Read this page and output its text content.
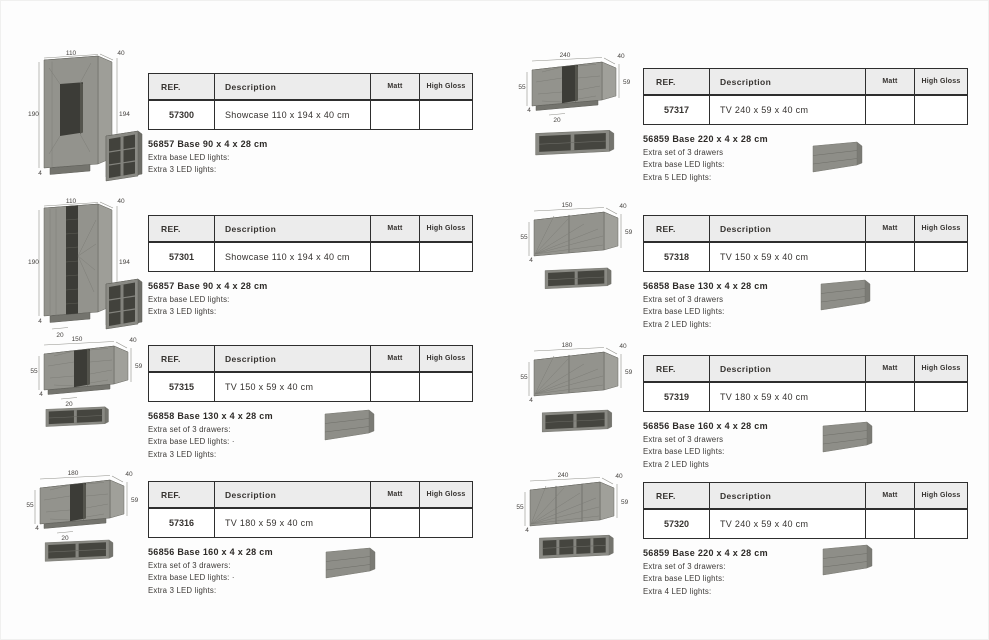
110	40
190	194
4
110	40
190	194
4
20
150	40
55
59
4
20
180	40
55
59
4
20
240	40
55
59
4
20
150	40
55
59
4
180	40
55
59
4
240	40
55
59
4
REF.	Description	Matt	High Gloss
57300	Showcase 110 x 194 x 40 cm
56857 Base 90 x 4 x 28 cm
Extra base LED lights:
Extra 3 LED lights:
REF.	Description	Matt	High Gloss
57301	Showcase 110 x 194 x 40 cm
56857 Base 90 x 4 x 28 cm
Extra base LED lights:
Extra 3 LED lights:
REF.	Description	Matt	High Gloss
57315	TV 150 x 59 x 40 cm
56858 Base 130 x 4 x 28 cm
Extra set of 3 drawers:
Extra base LED lights: ·
Extra 3 LED lights:
REF.	Description	Matt	High Gloss
57316	TV 180 x 59 x 40 cm
56856 Base 160 x 4 x 28 cm
Extra set of 3 drawers:
Extra base LED lights: ·
Extra 3 LED lights:
REF.	Description	Matt	High Gloss
57317	TV 240 x 59 x 40 cm
56859 Base 220 x 4 x 28 cm
Extra set of 3 drawers
Extra base LED lights:
Extra 5 LED lights:
REF.	Description	Matt	High Gloss
57318	TV 150 x 59 x 40 cm
56858 Base 130 x 4 x 28 cm
Extra set of 3 drawers
Extra base LED lights:
Extra 2 LED lights:
REF.	Description	Matt	High Gloss
57319	TV 180 x 59 x 40 cm
56856 Base 160 x 4 x 28 cm
Extra set of 3 drawers
Extra base LED lights:
Extra 2 LED lights
REF.	Description	Matt	High Gloss
57320	TV 240 x 59 x 40 cm
56859 Base 220 x 4 x 28 cm
Extra set of 3 drawers:
Extra base LED lights:
Extra 4 LED lights:
